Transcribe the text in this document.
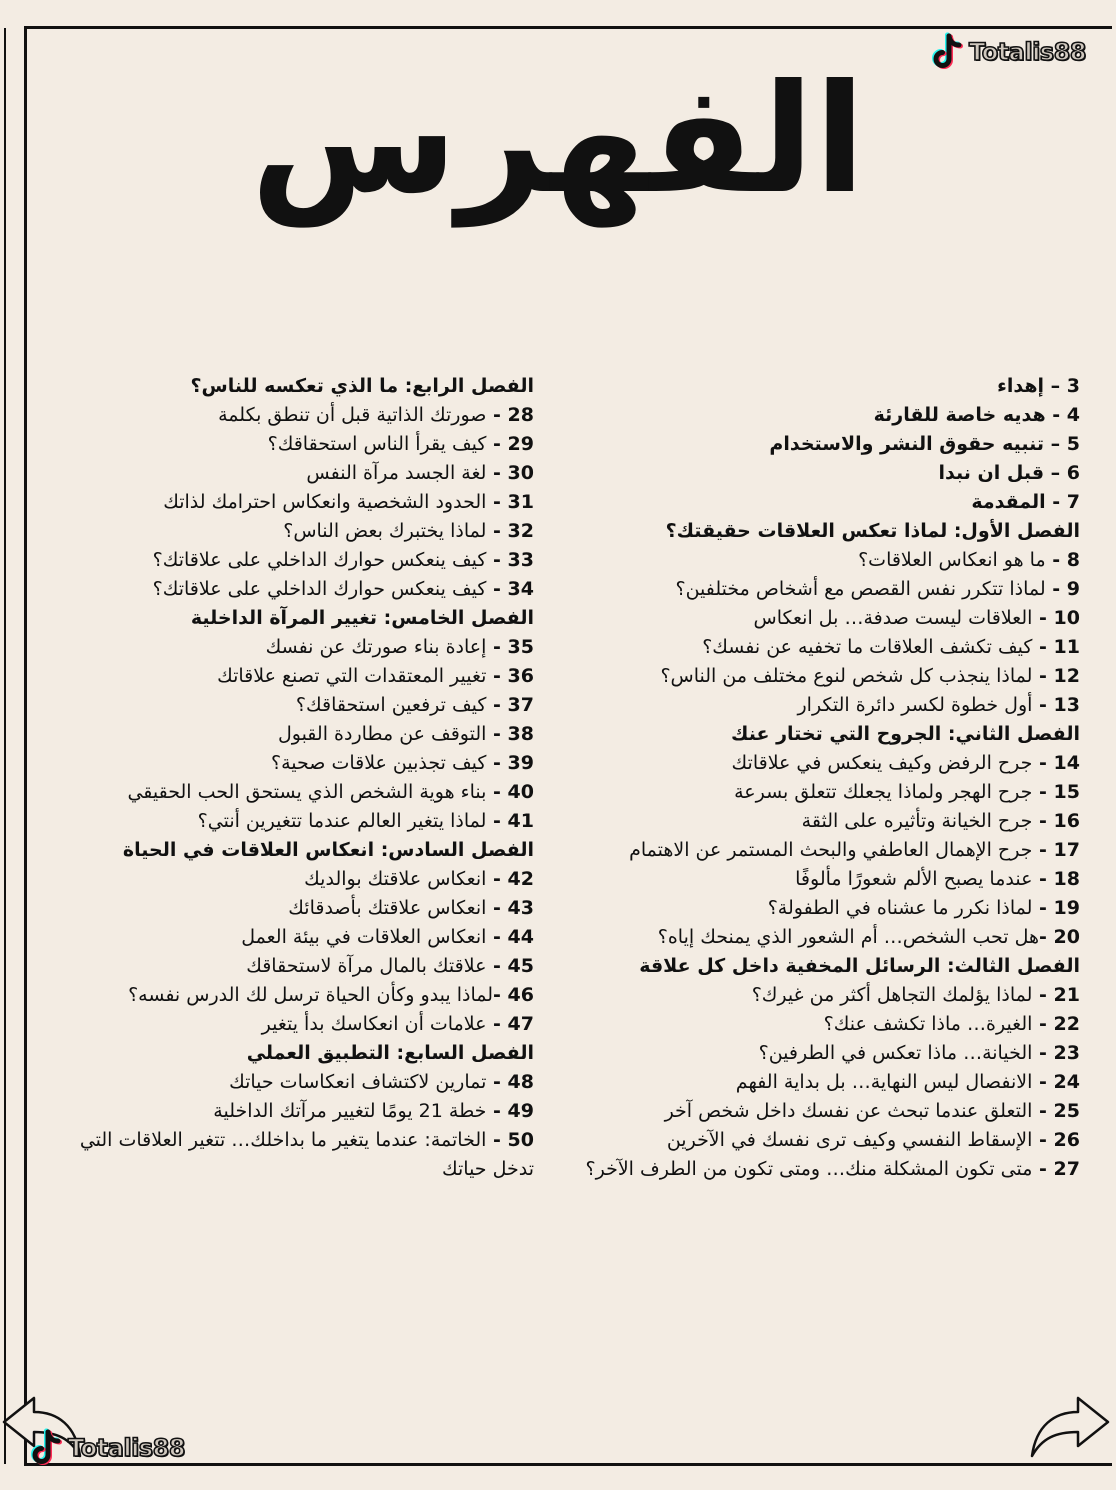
Totalis88
الفهرس
3 – إهداء
4 - هديه خاصة للقارئة
5 – تنبيه حقوق النشر والاستخدام
6 – قبل ان نبدا
7 - المقدمة
الفصل الأول: لماذا تعكس العلاقات حقيقتك؟
8 - ما هو انعكاس العلاقات؟
9 - لماذا تتكرر نفس القصص مع أشخاص مختلفين؟
10 - العلاقات ليست صدفة… بل انعكاس
11 - كيف تكشف العلاقات ما تخفيه عن نفسك؟
12 - لماذا ينجذب كل شخص لنوع مختلف من الناس؟
13 - أول خطوة لكسر دائرة التكرار
الفصل الثاني: الجروح التي تختار عنك
14 - جرح الرفض وكيف ينعكس في علاقاتك
15 - جرح الهجر ولماذا يجعلك تتعلق بسرعة
16 - جرح الخيانة وتأثيره على الثقة
17 - جرح الإهمال العاطفي والبحث المستمر عن الاهتمام
18 - عندما يصبح الألم شعورًا مألوفًا
19 - لماذا نكرر ما عشناه في الطفولة؟
20 -هل تحب الشخص… أم الشعور الذي يمنحك إياه؟
الفصل الثالث: الرسائل المخفية داخل كل علاقة
21 - لماذا يؤلمك التجاهل أكثر من غيرك؟
22 - الغيرة… ماذا تكشف عنك؟
23 - الخيانة… ماذا تعكس في الطرفين؟
24 - الانفصال ليس النهاية… بل بداية الفهم
25 - التعلق عندما تبحث عن نفسك داخل شخص آخر
26 - الإسقاط النفسي وكيف ترى نفسك في الآخرين
27 - متى تكون المشكلة منك… ومتى تكون من الطرف الآخر؟
الفصل الرابع: ما الذي تعكسه للناس؟
28 - صورتك الذاتية قبل أن تنطق بكلمة
29 - كيف يقرأ الناس استحقاقك؟
30 - لغة الجسد مرآة النفس
31 - الحدود الشخصية وانعكاس احترامك لذاتك
32 - لماذا يختبرك بعض الناس؟
33 - كيف ينعكس حوارك الداخلي على علاقاتك؟
34 - كيف ينعكس حوارك الداخلي على علاقاتك؟
الفصل الخامس: تغيير المرآة الداخلية
35 - إعادة بناء صورتك عن نفسك
36 - تغيير المعتقدات التي تصنع علاقاتك
37 - كيف ترفعين استحقاقك؟
38 - التوقف عن مطاردة القبول
39 - كيف تجذبين علاقات صحية؟
40 - بناء هوية الشخص الذي يستحق الحب الحقيقي
41 - لماذا يتغير العالم عندما تتغيرين أنتي؟
الفصل السادس: انعكاس العلاقات في الحياة
42 - انعكاس علاقتك بوالديك
43 - انعكاس علاقتك بأصدقائك
44 - انعكاس العلاقات في بيئة العمل
45 - علاقتك بالمال مرآة لاستحقاقك
46 -لماذا يبدو وكأن الحياة ترسل لك الدرس نفسه؟
47 - علامات أن انعكاسك بدأ يتغير
الفصل السابع: التطبيق العملي
48 - تمارين لاكتشاف انعكاسات حياتك
49 - خطة 21 يومًا لتغيير مرآتك الداخلية
50 - الخاتمة: عندما يتغير ما بداخلك… تتغير العلاقات التي تدخل حياتك
Totalis88
